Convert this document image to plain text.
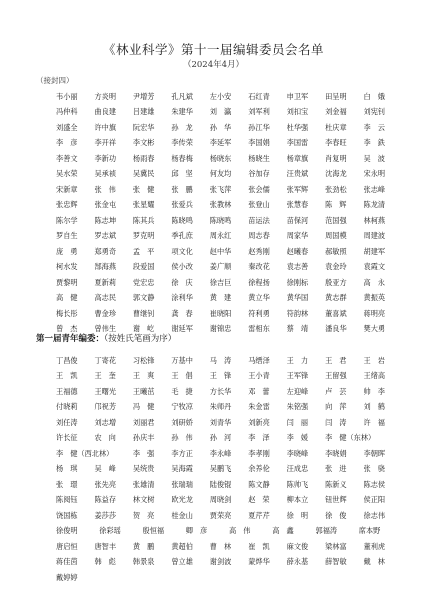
《林业科学》第十一届编辑委员会名单
（2024年4月）
（接封四）
韦小丽	方炎明	尹增芳	孔凡斌	左小安	石红青	申卫军	田呈明	白 娥
冯仲科	曲良建	吕建雄	朱建华	刘 瀛	刘军利	刘扣宝	刘金福	刘宪钊
刘盛全	许中旗	阮宏华	孙 龙	孙 华	孙江华	杜华强	杜庆章	李 云
李 彦	李开祥	李文彬	李传荣	李延军	李国娟	李国雷	李春旺	李 鉄
李善文	李新功	杨雨春	杨春梅	杨晓东	杨晓生	杨章旗	肖复明	吴 波
吴水荣	吴承祯	吴冀民	邱 坚	何友均	谷加存	汪贵斌	沈海龙	宋永明
宋新章	张 伟	张 健	张 鹏	张飞萍	张会儒	张军辉	张劲松	张志峰
张忠辉	张金屯	张星耀	张爱兵	张教林	张登山	张慧春	陈 辉	陈龙清
陈尔学	陈志坤	陈其兵	陈晓鸣	陈晓鸣	苗运法	苗保河	范国强	林柯燕
罗自生	罗志斌	罗克明	季孔庶	周永红	周志春	周家华	周国模	周建波
庞 勇	郑勇奇	孟 平	项文化	赵中华	赵秀刚	赵曦春	郝敏照	胡建军
柯水发	郜海燕	段爱国	侯小改	姜广顺	秦改花	袁志善	袁金玲	袁霞文
贾黎明	夏新莉	党宏忠	徐 庆	徐吉巨	徐程扬	徐刚标	殷亚方	高 永
高 健	高志民	郭文静	涂利华	黄 建	黄立华	黄华国	黄志群	黄振英
梅长彤	曹金珍	曹继钊	龚 春	崔晓阳	符利勇	符韵林	董喜斌	蒋明亮
曾 杰	曾伟生	谢 屹	谢延军	谢锦忠	雷相东	蔡 靖	潘良华	樊大勇
第一届青年编委：（按姓氏笔画为序）
丁昌俊	丁寄花	习松锋	万基中	马 涛	马缙泽	王 力	王 君	王 岩
王 凯	王 奎	王 爽	王 倡	王 锋	王小青	王军锋	王留强	王绪高
王福德	王曙光	王曦茁	毛 捷	方长华	邓 蕾	左迎峰	卢 芸	帅 李
付晓莉	邝祝芳	冯 健	宁牧凉	朱师丹	朱金雷	朱铭强	向 萍	刘 鹤
刘任涛	刘志增	刘丽君	刘研娇	刘青华	刘新亮	闫 丽	闫 涛	许 福
许长征	农 向	孙庆丰	孙 伟	孙 河	李 泽	李 媛	李 健（东林）
李 健（西北林）	李 强	李方正	李永峰	李孝刚	李晓峰	李晓娟	李朝晖
杨 琪	吴 峰	吴统贵	吴海霞	吴鹏飞	余养伦	汪成忠	张 进	张 骁
张 璟	张先亮	张雄清	张瑞瑞	陆俊锟	陈文静	陈帅飞	陈新义	陈志侯
陈阅钰	陈益存	林文树	欧光龙	周晓剑	赵 荣	柳本立	钮世辉	侯正阳
饶国栋	姜莎莎	贺 亮	桂金山	贾荣亮	夏芹芹	徐 明	徐 俊	徐志伟
徐俊明	徐彩瑶	殷恒福	卿 彦	高 伟	高 鑫	郭福涛	席本野
唐启恒	唐智丰	黄 鹏	黄超伯	曹 林	崔 凯	麻文俊	梁林富	董利虎
蒋佳茵	韩 彪	韩景泉	曾立雄	谢剑波	蒙烨华	薛永基	薛智敏	戴 林
戴婷婷
